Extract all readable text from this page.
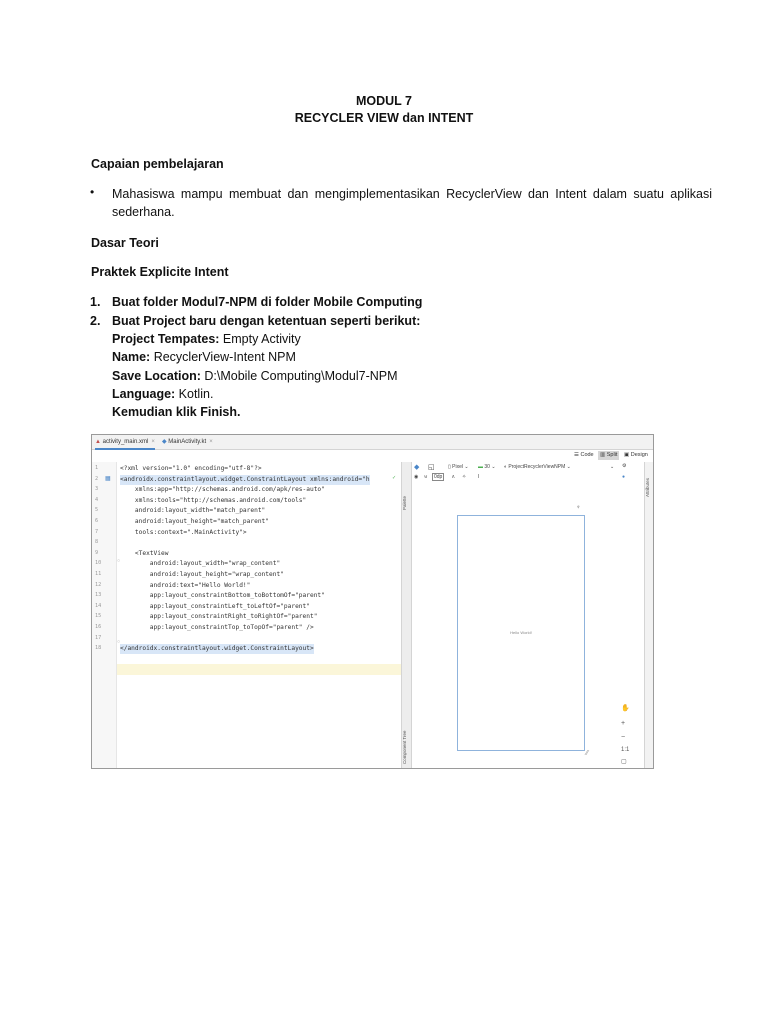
MODUL 7
RECYCLER VIEW dan INTENT
Capaian pembelajaran
• Mahasiswa mampu membuat dan mengimplementasikan RecyclerView dan Intent dalam suatu aplikasi sederhana.
Dasar Teori
Praktek Explicite Intent
1. Buat folder Modul7-NPM di folder Mobile Computing
2. Buat Project baru dengan ketentuan seperti berikut:
Project Tempates: Empty Activity
Name: RecyclerView-Intent NPM
Save Location: D:\Mobile Computing\Modul7-NPM
Language: Kotlin.
Kemudian klik Finish.
▲ activity_main.xml × ◆ MainActivity.kt ×
☰ Code	▥ Split	▣ Design
▦
○
○
✓
1	<?xml version="1.0" encoding="utf-8"?>
2	<androidx.constraintlayout.widget.ConstraintLayout xmlns:android="h
3	xmlns:app="http://schemas.android.com/apk/res-auto"
4	xmlns:tools="http://schemas.android.com/tools"
5	android:layout_width="match_parent"
6	android:layout_height="match_parent"
7	tools:context=".MainActivity">
8
9	<TextView
10	android:layout_width="wrap_content"
11	android:layout_height="wrap_content"
12	android:text="Hello World!"
13	app:layout_constraintBottom_toBottomOf="parent"
14	app:layout_constraintLeft_toLeftOf="parent"
15	app:layout_constraintRight_toRightOf="parent"
16	app:layout_constraintTop_toTopOf="parent" />
17
18	</androidx.constraintlayout.widget.ConstraintLayout>
Palette
Component Tree
◆ ◱	▯ Pixel ⌄ ▬ 30 ⌄ ◐ ProjectRecyclerViewNPM ⌄	⌄ ⚙
◉ ⊍	0dp	ʌ ✧ I	●
♆
Hello World!
⁄⁄
✋
+
−
1:1
▢
Attributes
